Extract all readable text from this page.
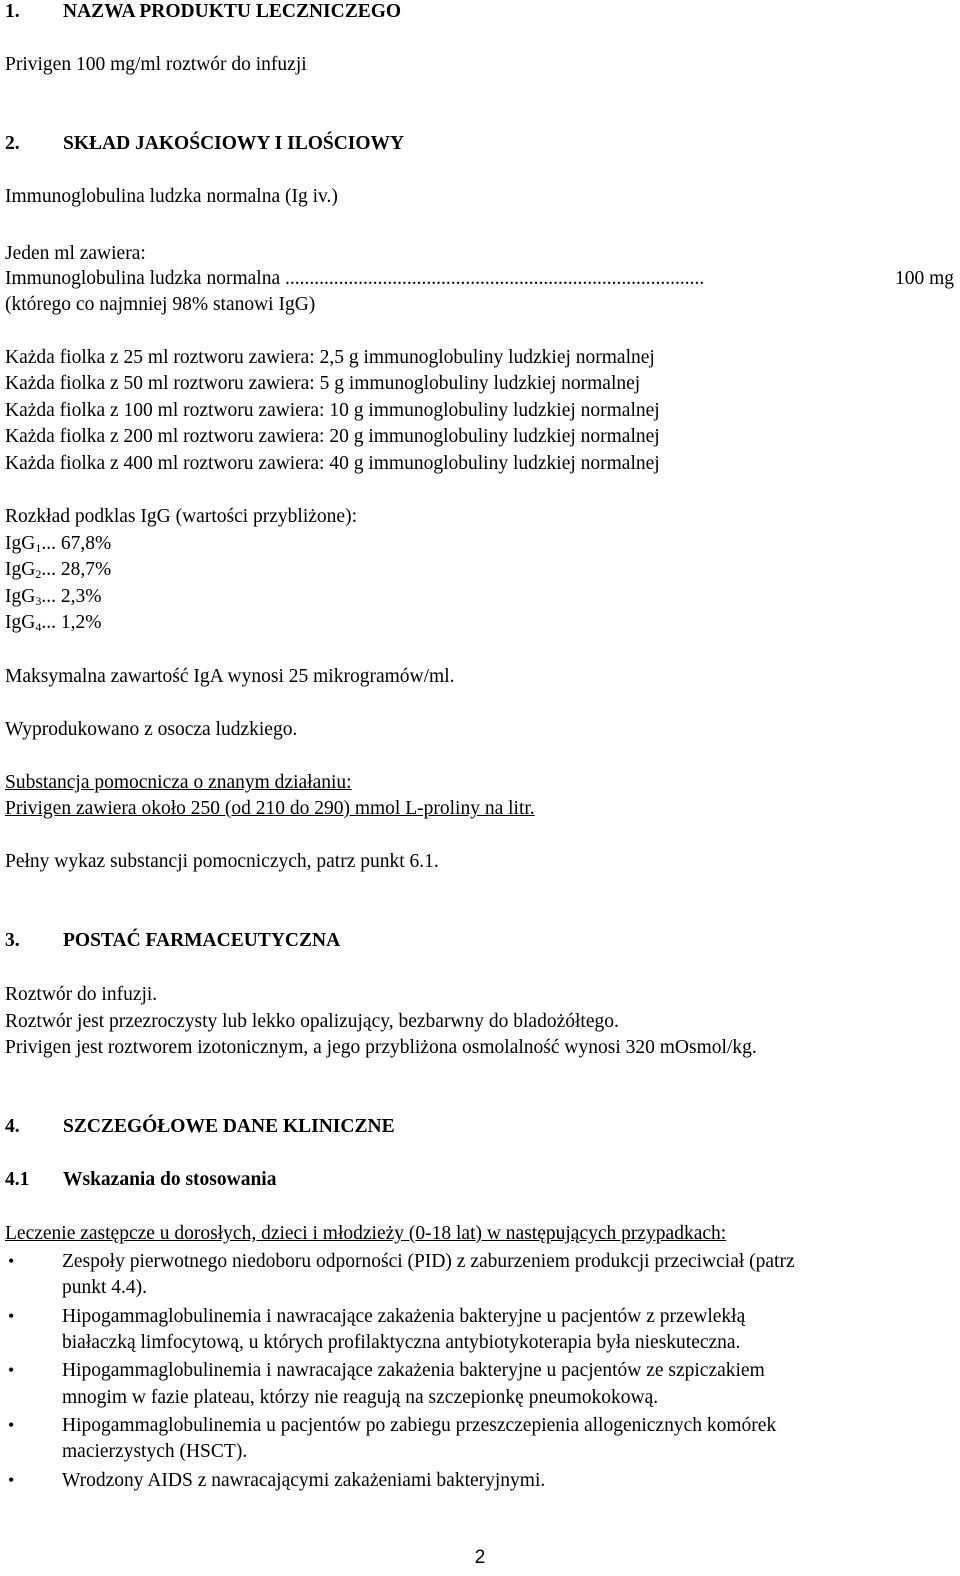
1. NAZWA PRODUKTU LECZNICZEGO
Privigen 100 mg/ml roztwór do infuzji
2. SKŁAD JAKOŚCIOWY I ILOŚCIOWY
Immunoglobulina ludzka normalna (Ig iv.)
Jeden ml zawiera:
Immunoglobulina ludzka normalna ......................................................................................	100 mg
(którego co najmniej 98% stanowi IgG)
Każda fiolka z 25 ml roztworu zawiera: 2,5 g immunoglobuliny ludzkiej normalnej
Każda fiolka z 50 ml roztworu zawiera: 5 g immunoglobuliny ludzkiej normalnej
Każda fiolka z 100 ml roztworu zawiera: 10 g immunoglobuliny ludzkiej normalnej
Każda fiolka z 200 ml roztworu zawiera: 20 g immunoglobuliny ludzkiej normalnej
Każda fiolka z 400 ml roztworu zawiera: 40 g immunoglobuliny ludzkiej normalnej
Rozkład podklas IgG (wartości przybliżone):
IgG$_1$... 67,8%
IgG$_2$... 28,7%
IgG$_3$... 2,3%
IgG$_4$... 1,2%
Maksymalna zawartość IgA wynosi 25 mikrogramów/ml.
Wyprodukowano z osocza ludzkiego.
Substancja pomocnicza o znanym działaniu:
Privigen zawiera około 250 (od 210 do 290) mmol L-proliny na litr.
Pełny wykaz substancji pomocniczych, patrz punkt 6.1.
3. POSTAĆ FARMACEUTYCZNA
Roztwór do infuzji.
Roztwór jest przezroczysty lub lekko opalizujący, bezbarwny do bladożółtego.
Privigen jest roztworem izotonicznym, a jego przybliżona osmolalność wynosi 320 mOsmol/kg.
4. SZCZEGÓŁOWE DANE KLINICZNE
4.1 Wskazania do stosowania
Leczenie zastępcze u dorosłych, dzieci i młodzieży (0-18 lat) w następujących przypadkach:
• Zespoły pierwotnego niedoboru odporności (PID) z zaburzeniem produkcji przeciwciał (patrz
punkt 4.4).
• Hipogammaglobulinemia i nawracające zakażenia bakteryjne u pacjentów z przewlekłą
białaczką limfocytową, u których profilaktyczna antybiotykoterapia była nieskuteczna.
• Hipogammaglobulinemia i nawracające zakażenia bakteryjne u pacjentów ze szpiczakiem
mnogim w fazie plateau, którzy nie reagują na szczepionkę pneumokokową.
• Hipogammaglobulinemia u pacjentów po zabiegu przeszczepienia allogenicznych komórek
macierzystych (HSCT).
• Wrodzony AIDS z nawracającymi zakażeniami bakteryjnymi.
2
